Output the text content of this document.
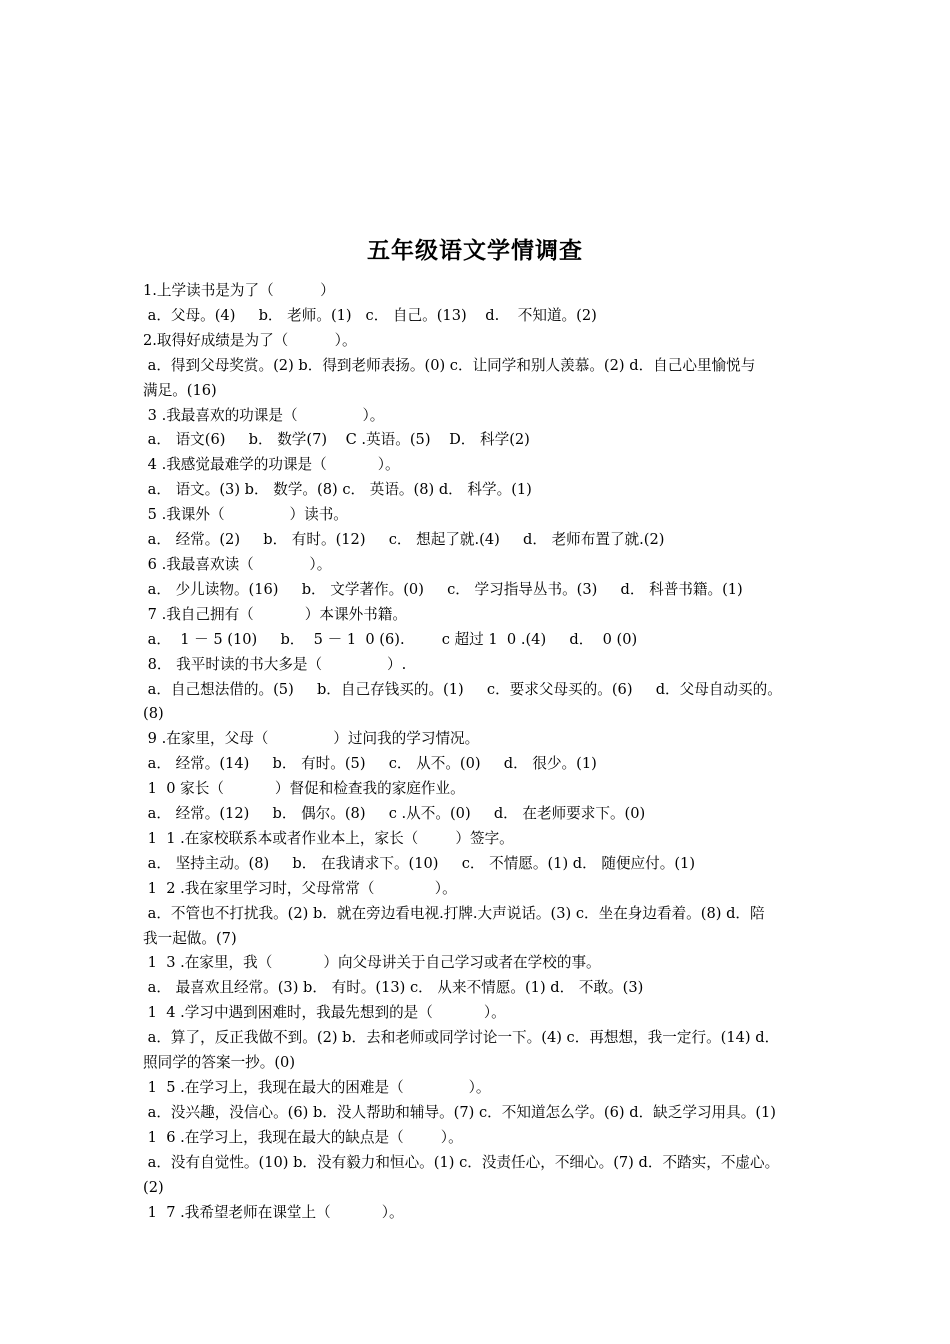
五年级语文学情调查
1.上学读书是为了（          ）
a．父母。(4)     b． 老师。(1)   c． 自己。(13)    d.    不知道。(2)
2.取得好成绩是为了（          ）。
a．得到父母奖赏。(2) b．得到老师表扬。(0) c．让同学和别人羡慕。(2) d．自己心里愉悦与
满足。(16)
3 .我最喜欢的功课是（              ）。
a． 语文(6)     b． 数学(7)    C .英语。(5)    D． 科学(2)
4 .我感觉最难学的功课是（           ）。
a． 语文。(3) b． 数学。(8) c． 英语。(8) d． 科学。(1)
5 .我课外（              ）读书。
a． 经常。(2)     b． 有时。(12)     c． 想起了就.(4)     d． 老师布置了就.(2)
6 .我最喜欢读（            ）。
a． 少儿读物。(16)     b． 文学著作。(0)     c． 学习指导丛书。(3)     d． 科普书籍。(1)
7 .我自己拥有（           ）本课外书籍。
a．  1 － 5 (10)     b．  5 － 1  0 (6).        c 超过 1  0 .(4)     d．  0 (0)
8． 我平时读的书大多是（              ）.
a．自己想法借的。(5)     b．自己存钱买的。(1)     c．要求父母买的。(6)     d．父母自动买的。
(8)
9 .在家里，父母（              ）过问我的学习情况。
a． 经常。(14)     b． 有时。(5)     c． 从不。(0)     d． 很少。(1)
1  0 家长（           ）督促和检查我的家庭作业。
a． 经常。(12)     b． 偶尔。(8)     c .从不。(0)     d． 在老师要求下。(0)
1  1 .在家校联系本或者作业本上，家长（        ）签字。
a． 坚持主动。(8)     b． 在我请求下。(10)     c． 不情愿。(1) d． 随便应付。(1)
1  2 .我在家里学习时，父母常常（             ）。
a．不管也不打扰我。(2) b．就在旁边看电视.打牌.大声说话。(3) c．坐在身边看着。(8) d．陪
我一起做。(7)
1  3 .在家里，我（           ）向父母讲关于自己学习或者在学校的事。
a． 最喜欢且经常。(3) b． 有时。(13) c． 从来不情愿。(1) d． 不敢。(3)
1  4 .学习中遇到困难时，我最先想到的是（           ）。
a．算了，反正我做不到。(2) b．去和老师或同学讨论一下。(4) c．再想想，我一定行。(14) d．
照同学的答案一抄。(0)
1  5 .在学习上，我现在最大的困难是（              ）。
a．没兴趣，没信心。(6) b．没人帮助和辅导。(7) c．不知道怎么学。(6) d．缺乏学习用具。(1)
1  6 .在学习上，我现在最大的缺点是（        ）。
a．没有自觉性。(10) b．没有毅力和恒心。(1) c．没责任心，不细心。(7) d．不踏实，不虚心。
(2)
1  7 .我希望老师在课堂上（           ）。
